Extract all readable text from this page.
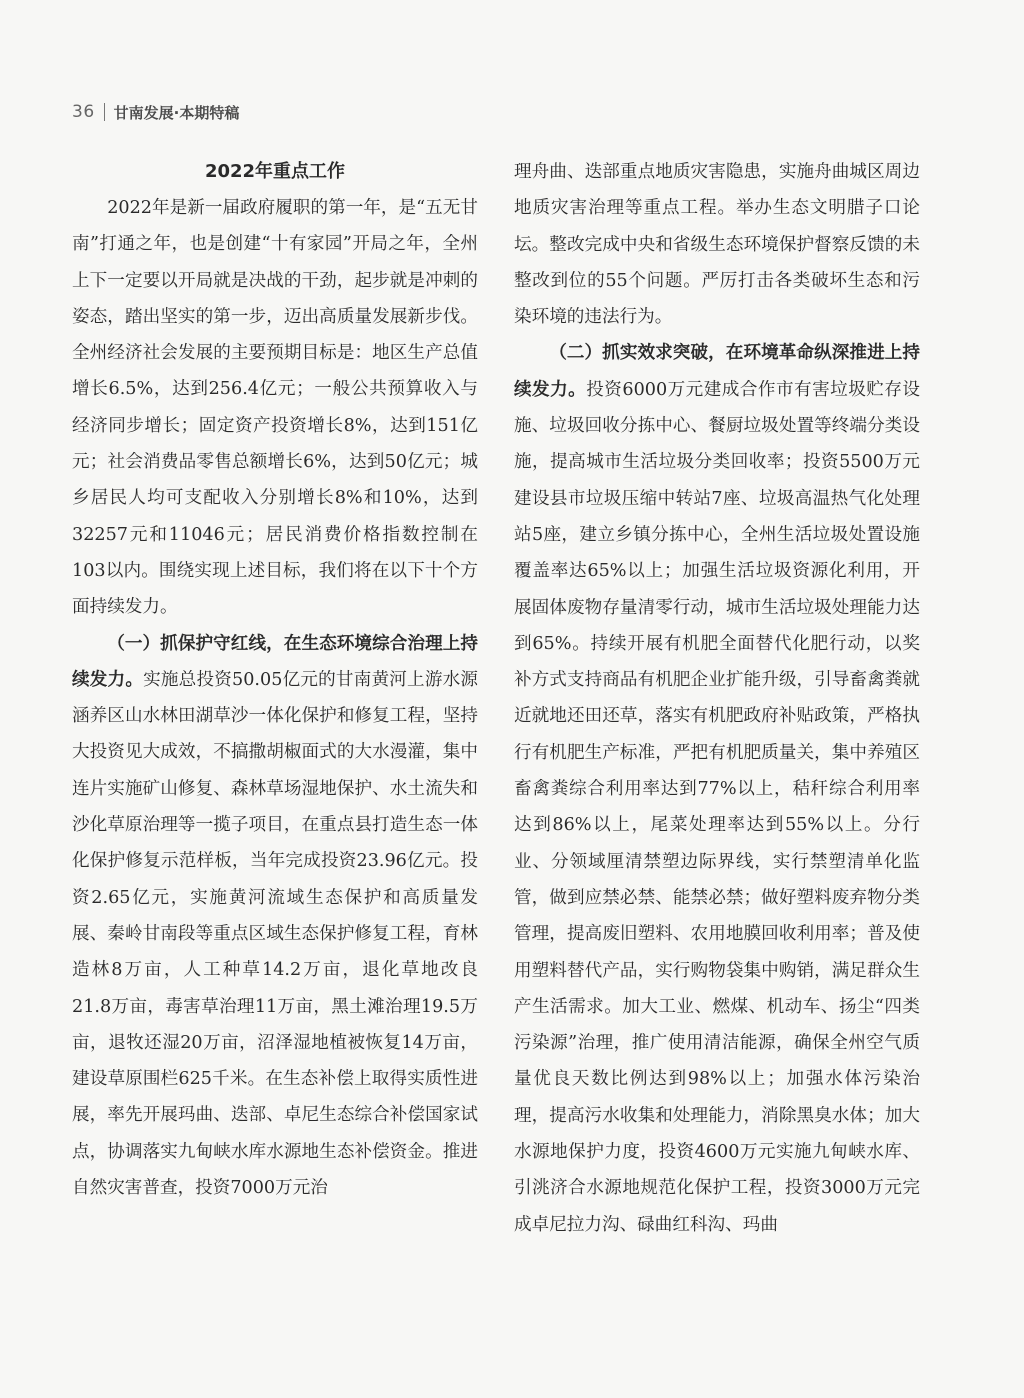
36 甘南发展·本期特稿
2022年重点工作

2022年是新一届政府履职的第一年，是“五无甘南”打通之年，也是创建“十有家园”开局之年，全州上下一定要以开局就是决战的干劲，起步就是冲刺的姿态，踏出坚实的第一步，迈出高质量发展新步伐。全州经济社会发展的主要预期目标是：地区生产总值增长6.5%，达到256.4亿元；一般公共预算收入与经济同步增长；固定资产投资增长8%，达到151亿元；社会消费品零售总额增长6%，达到50亿元；城乡居民人均可支配收入分别增长8%和10%，达到32257元和11046元；居民消费价格指数控制在103以内。围绕实现上述目标，我们将在以下十个方面持续发力。

（一）抓保护守红线，在生态环境综合治理上持续发力。实施总投资50.05亿元的甘南黄河上游水源涵养区山水林田湖草沙一体化保护和修复工程，坚持大投资见大成效，不搞撒胡椒面式的大水漫灌，集中连片实施矿山修复、森林草场湿地保护、水土流失和沙化草原治理等一揽子项目，在重点县打造生态一体化保护修复示范样板，当年完成投资23.96亿元。投资2.65亿元，实施黄河流域生态保护和高质量发展、秦岭甘南段等重点区域生态保护修复工程，育林造林8万亩，人工种草14.2万亩，退化草地改良21.8万亩，毒害草治理11万亩，黑土滩治理19.5万亩，退牧还湿20万亩，沼泽湿地植被恢复14万亩，建设草原围栏625千米。在生态补偿上取得实质性进展，率先开展玛曲、迭部、卓尼生态综合补偿国家试点，协调落实九甸峡水库水源地生态补偿资金。推进自然灾害普查，投资7000万元治

理舟曲、迭部重点地质灾害隐患，实施舟曲城区周边地质灾害治理等重点工程。举办生态文明腊子口论坛。整改完成中央和省级生态环境保护督察反馈的未整改到位的55个问题。严厉打击各类破坏生态和污染环境的违法行为。

（二）抓实效求突破，在环境革命纵深推进上持续发力。投资6000万元建成合作市有害垃圾贮存设施、垃圾回收分拣中心、餐厨垃圾处置等终端分类设施，提高城市生活垃圾分类回收率；投资5500万元建设县市垃圾压缩中转站7座、垃圾高温热气化处理站5座，建立乡镇分拣中心，全州生活垃圾处置设施覆盖率达65%以上；加强生活垃圾资源化利用，开展固体废物存量清零行动，城市生活垃圾处理能力达到65%。持续开展有机肥全面替代化肥行动，以奖补方式支持商品有机肥企业扩能升级，引导畜禽粪就近就地还田还草，落实有机肥政府补贴政策，严格执行有机肥生产标准，严把有机肥质量关，集中养殖区畜禽粪综合利用率达到77%以上，秸秆综合利用率达到86%以上，尾菜处理率达到55%以上。分行业、分领域厘清禁塑边际界线，实行禁塑清单化监管，做到应禁必禁、能禁必禁；做好塑料废弃物分类管理，提高废旧塑料、农用地膜回收利用率；普及使用塑料替代产品，实行购物袋集中购销，满足群众生产生活需求。加大工业、燃煤、机动车、扬尘“四类污染源”治理，推广使用清洁能源，确保全州空气质量优良天数比例达到98%以上；加强水体污染治理，提高污水收集和处理能力，消除黑臭水体；加大水源地保护力度，投资4600万元实施九甸峡水库、引洮济合水源地规范化保护工程，投资3000万元完成卓尼拉力沟、碌曲红科沟、玛曲
